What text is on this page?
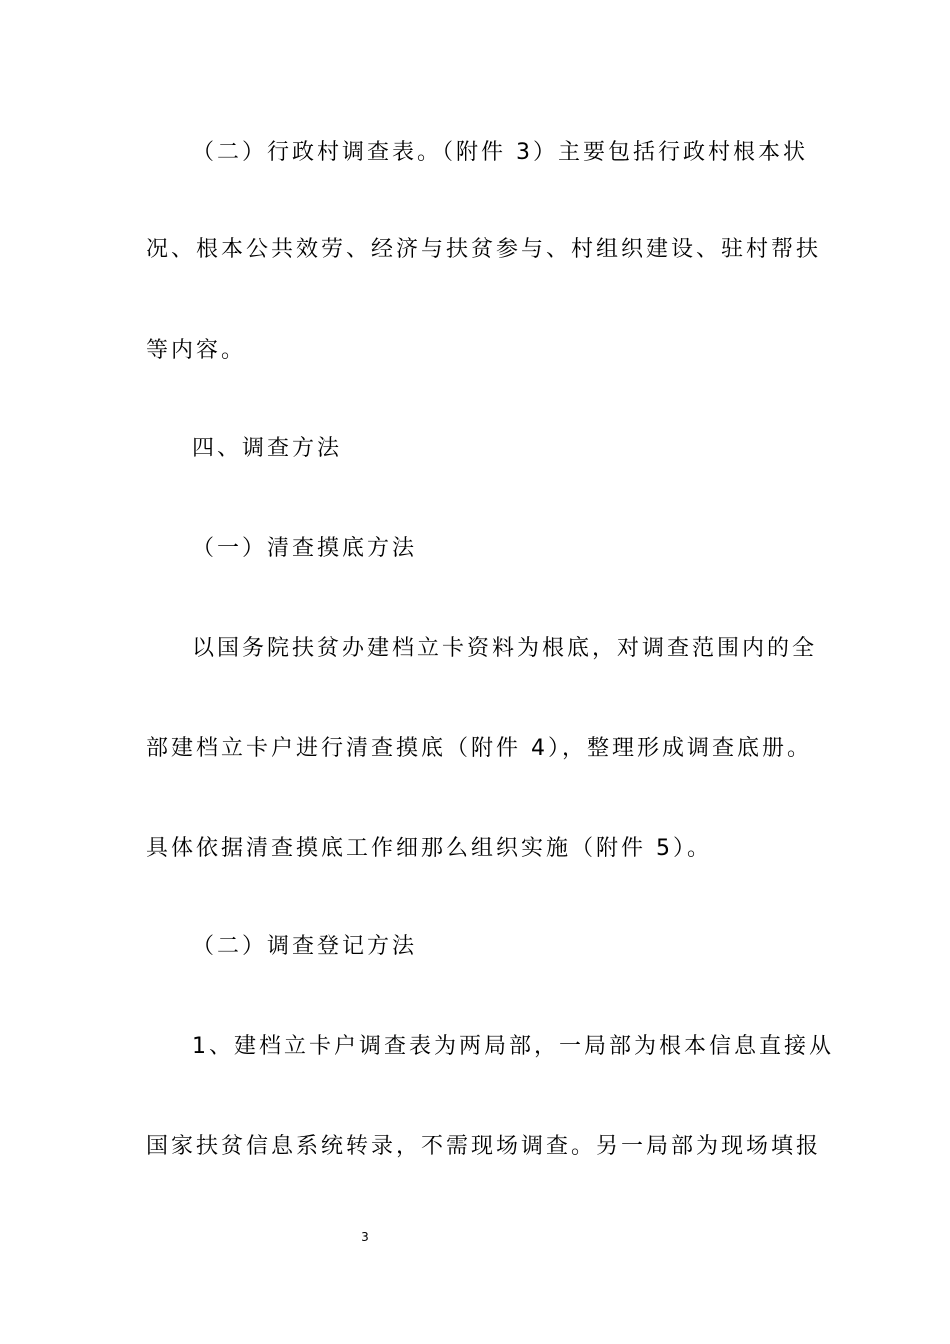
（二）行政村调查表。（附件 3）主要包括行政村根本状
况、根本公共效劳、经济与扶贫参与、村组织建设、驻村帮扶
等内容。
四、调查方法
（一）清查摸底方法
以国务院扶贫办建档立卡资料为根底，对调查范围内的全
部建档立卡户进行清查摸底（附件 4），整理形成调查底册。
具体依据清查摸底工作细那么组织实施（附件 5）。
（二）调查登记方法
1、建档立卡户调查表为两局部，一局部为根本信息直接从
国家扶贫信息系统转录，不需现场调查。另一局部为现场填报
3
